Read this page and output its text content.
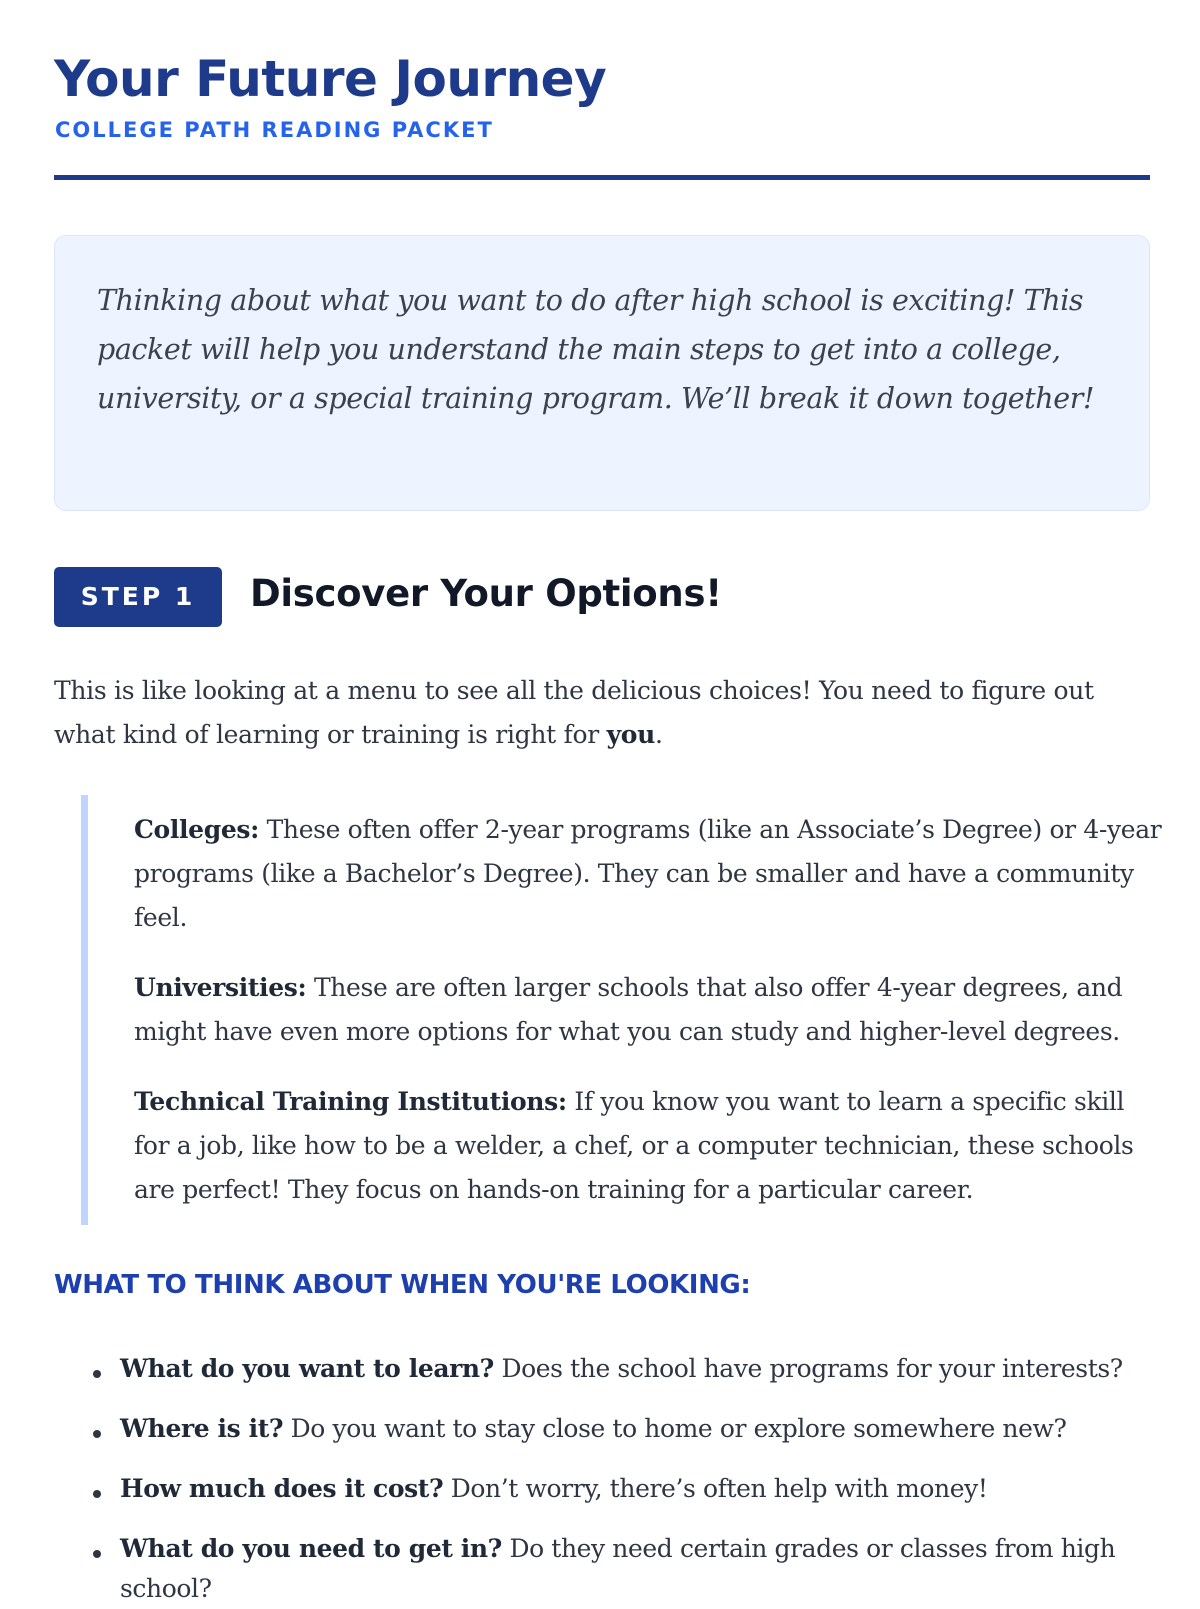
Your Future Journey
COLLEGE PATH READING PACKET

Thinking about what you want to do after high school is exciting! This packet will help you understand the main steps to get into a college, university, or a special training program. We’ll break it down together!

STEP 1	Discover Your Options!

This is like looking at a menu to see all the delicious choices! You need to figure out what kind of learning or training is right for you.

Colleges: These often offer 2-year programs (like an Associate’s Degree) or 4-year programs (like a Bachelor’s Degree). They can be smaller and have a community feel.

Universities: These are often larger schools that also offer 4-year degrees, and might have even more options for what you can study and higher-level degrees.

Technical Training Institutions: If you know you want to learn a specific skill for a job, like how to be a welder, a chef, or a computer technician, these schools are perfect! They focus on hands-on training for a particular career.

WHAT TO THINK ABOUT WHEN YOU'RE LOOKING:

What do you want to learn? Does the school have programs for your interests?

Where is it? Do you want to stay close to home or explore somewhere new?

How much does it cost? Don’t worry, there’s often help with money!

What do you need to get in? Do they need certain grades or classes from high school?
